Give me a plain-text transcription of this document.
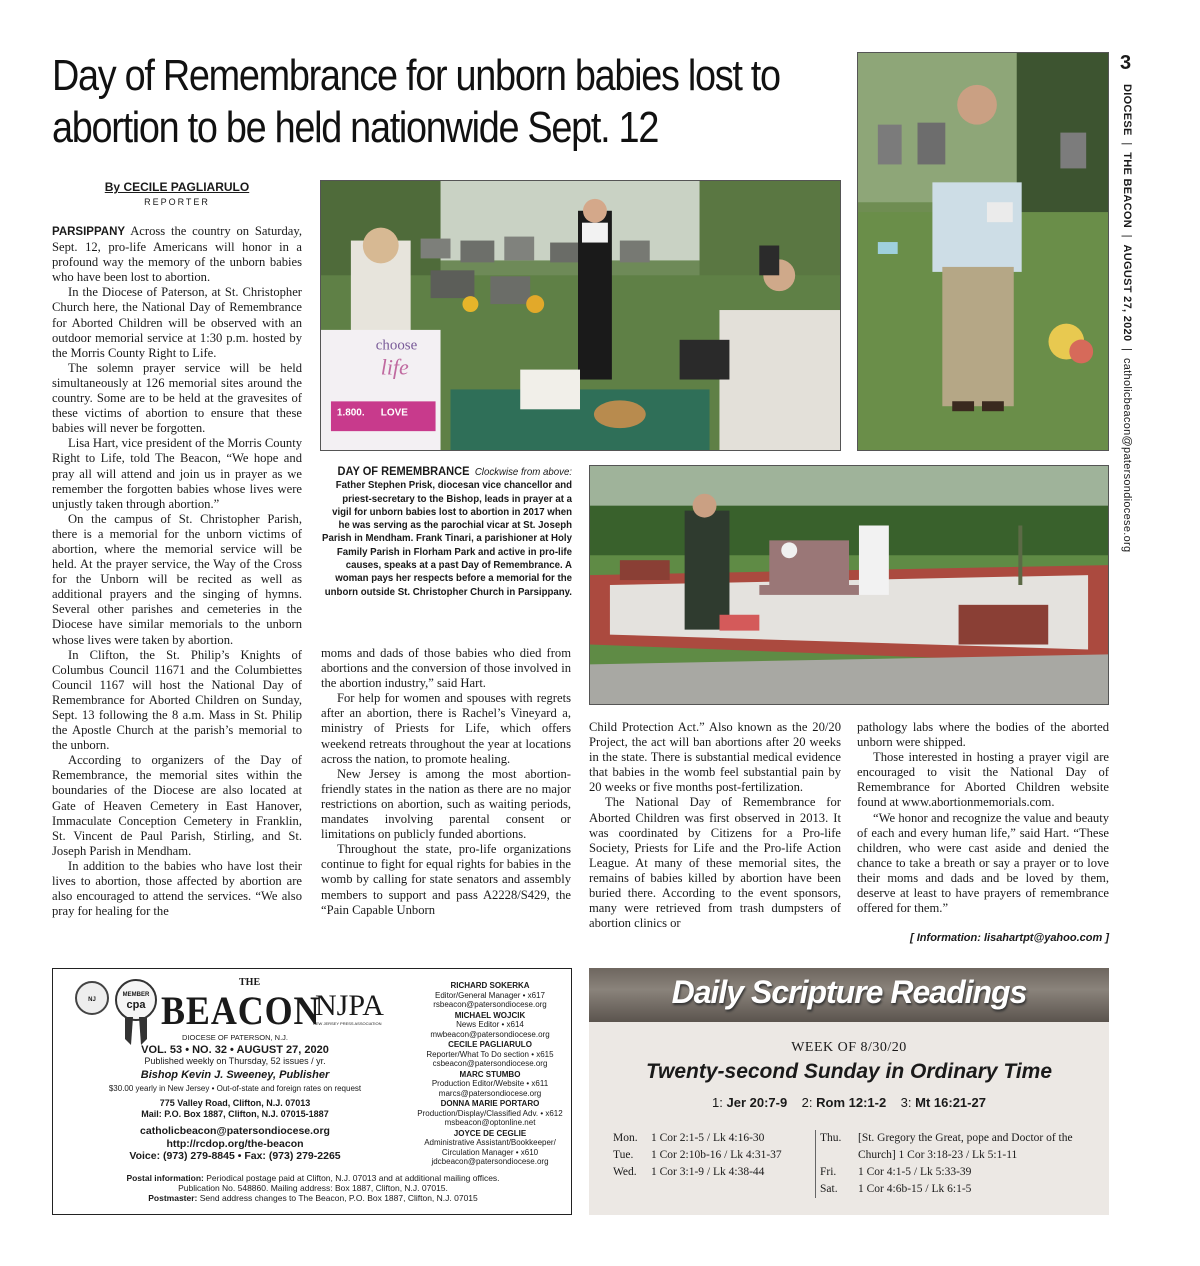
Day of Remembrance for unborn babies lost to abortion to be held nationwide Sept. 12
By CECILE PAGLIARULO
REPORTER

PARSIPPANY Across the country on Saturday, Sept. 12, pro-life Americans will honor in a profound way the memory of the unborn babies who have been lost to abortion.

In the Diocese of Paterson, at St. Christopher Church here, the National Day of Remembrance for Aborted Children will be observed with an outdoor memorial service at 1:30 p.m. hosted by the Morris County Right to Life.

The solemn prayer service will be held simultaneously at 126 memorial sites around the country. Some are to be held at the gravesites of these victims of abortion to ensure that these babies will never be forgotten.

Lisa Hart, vice president of the Morris County Right to Life, told The Beacon, “We hope and pray all will attend and join us in prayer as we remember the forgotten babies whose lives were unjustly taken through abortion.”

On the campus of St. Christopher Parish, there is a memorial for the unborn victims of abortion, where the memorial service will be held. At the prayer service, the Way of the Cross for the Unborn will be recited as well as additional prayers and the singing of hymns. Several other parishes and cemeteries in the Diocese have similar memorials to the unborn whose lives were taken by abortion.

In Clifton, the St. Philip’s Knights of Columbus Council 11671 and the Columbiettes Council 1167 will host the National Day of Remembrance for Aborted Children on Sunday, Sept. 13 following the 8 a.m. Mass in St. Philip the Apostle Church at the parish’s memorial to the unborn.

According to organizers of the Day of Remembrance, the memorial sites within the boundaries of the Diocese are also located at Gate of Heaven Cemetery in East Hanover, Immaculate Conception Cemetery in Franklin, St. Vincent de Paul Parish, Stirling, and St. Joseph Parish in Mendham.

In addition to the babies who have lost their lives to abortion, those affected by abortion are also encouraged to attend the services. “We also pray for healing for the

choose
life
1.800. LOVE
DAY OF REMEMBRANCE Clockwise from above: Father Stephen Prisk, diocesan vice chancellor and priest-secretary to the Bishop, leads in prayer at a vigil for unborn babies lost to abortion in 2017 when he was serving as the parochial vicar at St. Joseph Parish in Mendham. Frank Tinari, a parishioner at Holy Family Parish in Florham Park and active in pro-life causes, speaks at a past Day of Remembrance. A woman pays her respects before a memorial for the unborn outside St. Christopher Church in Parsippany.

moms and dads of those babies who died from abortions and the conversion of those involved in the abortion industry,” said Hart.

For help for women and spouses with regrets after an abortion, there is Rachel’s Vineyard a, ministry of Priests for Life, which offers weekend retreats throughout the year at locations across the nation, to promote healing.

New Jersey is among the most abortion-friendly states in the nation as there are no major restrictions on abortion, such as waiting periods, mandates involving parental consent or limitations on publicly funded abortions.

Throughout the state, pro-life organizations continue to fight for equal rights for babies in the womb by calling for state senators and assembly members to support and pass A2228/S429, the “Pain Capable Unborn

Child Protection Act.” Also known as the 20/20 Project, the act will ban abortions after 20 weeks in the state. There is substantial medical evidence that babies in the womb feel substantial pain by 20 weeks or five months post-fertilization.

The National Day of Remembrance for Aborted Children was first observed in 2013. It was coordinated by Citizens for a Pro-life Society, Priests for Life and the Pro-life Action League. At many of these memorial sites, the remains of babies killed by abortion have been buried there. According to the event sponsors, many were retrieved from trash dumpsters of abortion clinics or

pathology labs where the bodies of the aborted unborn were shipped.

Those interested in hosting a prayer vigil are encouraged to visit the National Day of Remembrance for Aborted Children website found at www.abortionmemorials.com.

“We honor and recognize the value and beauty of each and every human life,” said Hart. “These children, who were cast aside and denied the chance to take a breath or say a prayer or to love their moms and dads and be loved by them, deserve at least to have prayers of remembrance offered for them.”

[ Information: lisahartpt@yahoo.com ]
3
DIOCESE  |  THE BEACON  |  AUGUST 27, 2020  |  catholicbeacon@patersondiocese.org
NJ
MEMBER
cpa
THE
BEACON
NJPA
NEW JERSEY PRESS ASSOCIATION
DIOCESE OF PATERSON, N.J.
VOL. 53 • NO. 32 • AUGUST 27, 2020
Published weekly on Thursday, 52 issues / yr.
Bishop Kevin J. Sweeney, Publisher
$30.00 yearly in New Jersey • Out-of-state and foreign rates on request
775 Valley Road, Clifton, N.J. 07013
Mail: P.O. Box 1887, Clifton, N.J. 07015-1887
catholicbeacon@patersondiocese.org
http://rcdop.org/the-beacon
Voice: (973) 279-8845 • Fax: (973) 279-2265
RICHARD SOKERKA
Editor/General Manager • x617
rsbeacon@patersondiocese.org
MICHAEL WOJCIK
News Editor • x614
mwbeacon@patersondiocese.org
CECILE PAGLIARULO
Reporter/What To Do section • x615
csbeacon@patersondiocese.org
MARC STUMBO
Production Editor/Website • x611
marcs@patersondiocese.org
DONNA MARIE PORTARO
Production/Display/Classified Adv. • x612
msbeacon@optonline.net
JOYCE DE CEGLIE
Administrative Assistant/Bookkeeper/ Circulation Manager • x610
jdcbeacon@patersondiocese.org
Postal information: Periodical postage paid at Clifton, N.J. 07013 and at additional mailing offices.
Publication No. 548860. Mailing address: Box 1887, Clifton, N.J. 07015.
Postmaster: Send address changes to The Beacon, P.O. Box 1887, Clifton, N.J. 07015
Daily Scripture Readings
WEEK OF 8/30/20
Twenty-second Sunday in Ordinary Time
1: Jer 20:7-9 2: Rom 12:1-2 3: Mt 16:21-27
Mon.	1 Cor 2:1-5 / Lk 4:16-30
Tue.	1 Cor 2:10b-16 / Lk 4:31-37
Wed.	1 Cor 3:1-9 / Lk 4:38-44
Thu.	[St. Gregory the Great, pope and Doctor of the Church] 1 Cor 3:18-23 / Lk 5:1-11
Fri.	1 Cor 4:1-5 / Lk 5:33-39
Sat.	1 Cor 4:6b-15 / Lk 6:1-5
